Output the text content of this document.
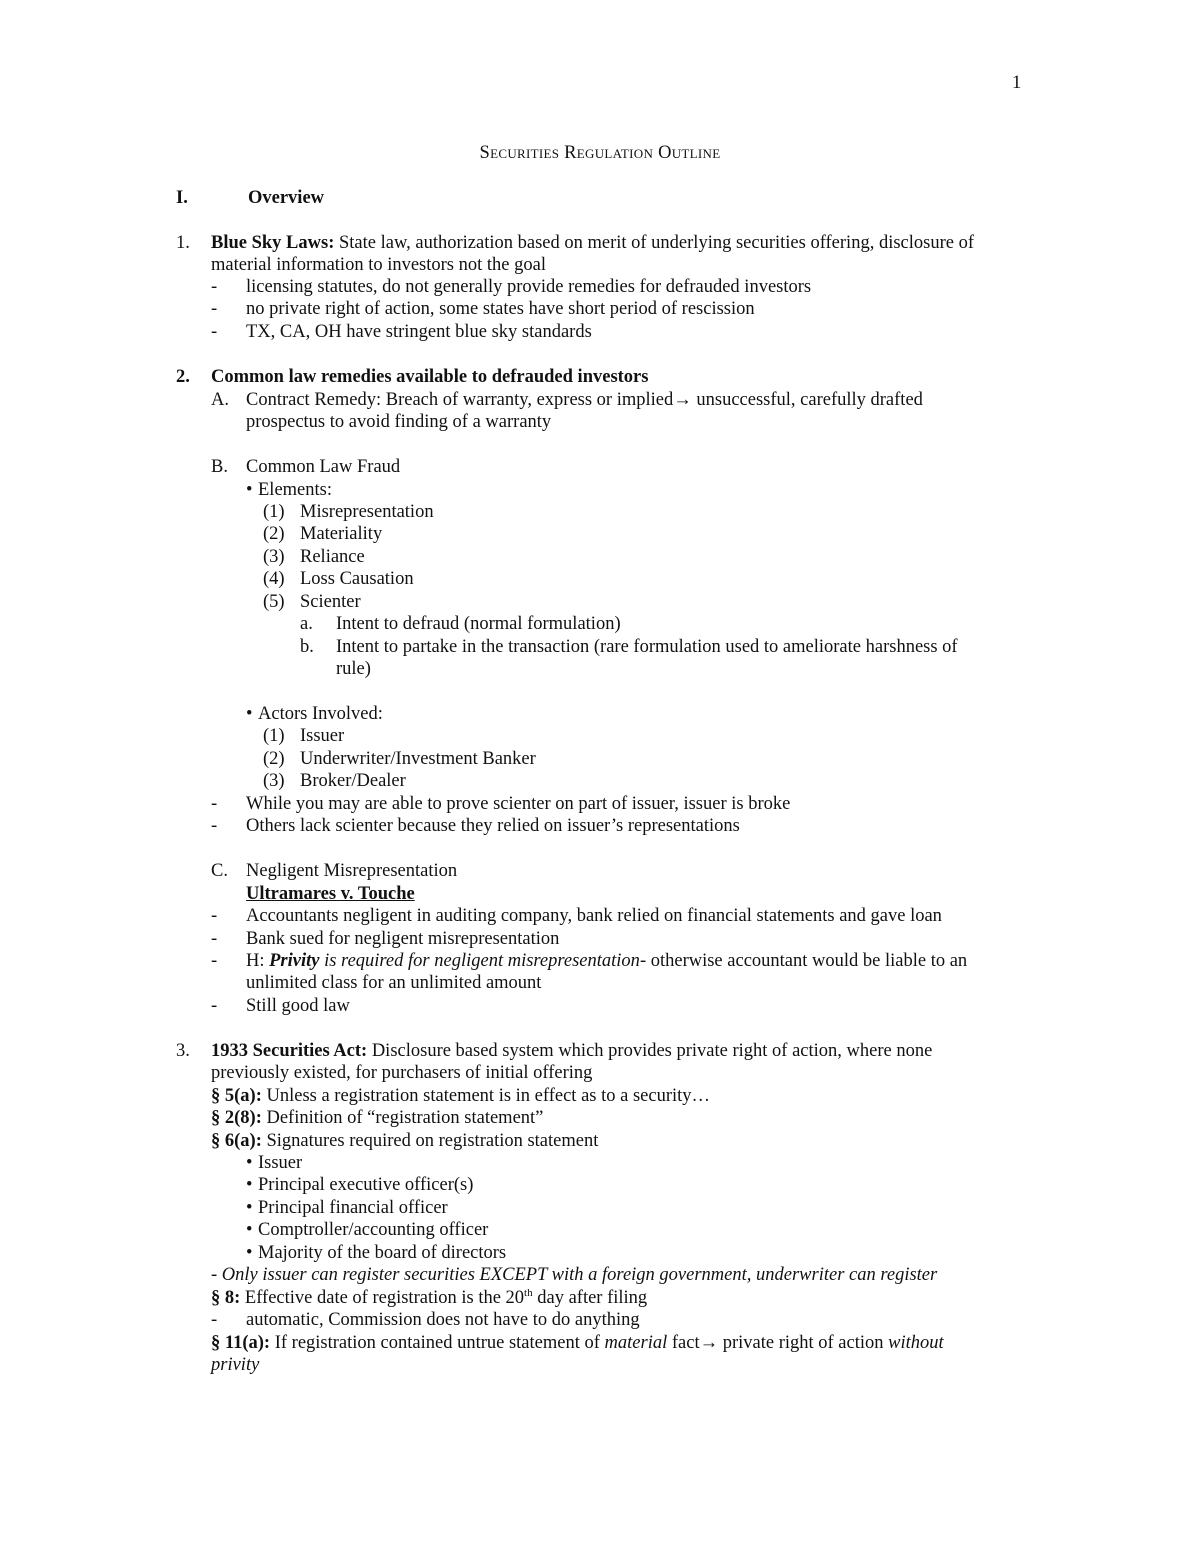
1
Securities Regulation Outline
I.	Overview
1. Blue Sky Laws: State law, authorization based on merit of underlying securities offering, disclosure of
material information to investors not the goal
- licensing statutes, do not generally provide remedies for defrauded investors
- no private right of action, some states have short period of rescission
- TX, CA, OH have stringent blue sky standards
2. Common law remedies available to defrauded investors
A. Contract Remedy: Breach of warranty, express or implied→ unsuccessful, carefully drafted
prospectus to avoid finding of a warranty
B. Common Law Fraud
• Elements:
(1) Misrepresentation
(2) Materiality
(3) Reliance
(4) Loss Causation
(5) Scienter
a. Intent to defraud (normal formulation)
b. Intent to partake in the transaction (rare formulation used to ameliorate harshness of
rule)
• Actors Involved:
(1) Issuer
(2) Underwriter/Investment Banker
(3) Broker/Dealer
- While you may are able to prove scienter on part of issuer, issuer is broke
- Others lack scienter because they relied on issuer’s representations
C. Negligent Misrepresentation
Ultramares v. Touche
- Accountants negligent in auditing company, bank relied on financial statements and gave loan
- Bank sued for negligent misrepresentation
- H: Privity is required for negligent misrepresentation- otherwise accountant would be liable to an
unlimited class for an unlimited amount
- Still good law
3. 1933 Securities Act: Disclosure based system which provides private right of action, where none
previously existed, for purchasers of initial offering
§ 5(a): Unless a registration statement is in effect as to a security…
§ 2(8): Definition of “registration statement”
§ 6(a): Signatures required on registration statement
• Issuer
• Principal executive officer(s)
• Principal financial officer
• Comptroller/accounting officer
• Majority of the board of directors
- Only issuer can register securities EXCEPT with a foreign government, underwriter can register
§ 8: Effective date of registration is the 20th day after filing
- automatic, Commission does not have to do anything
§ 11(a): If registration contained untrue statement of material fact→ private right of action without
privity
